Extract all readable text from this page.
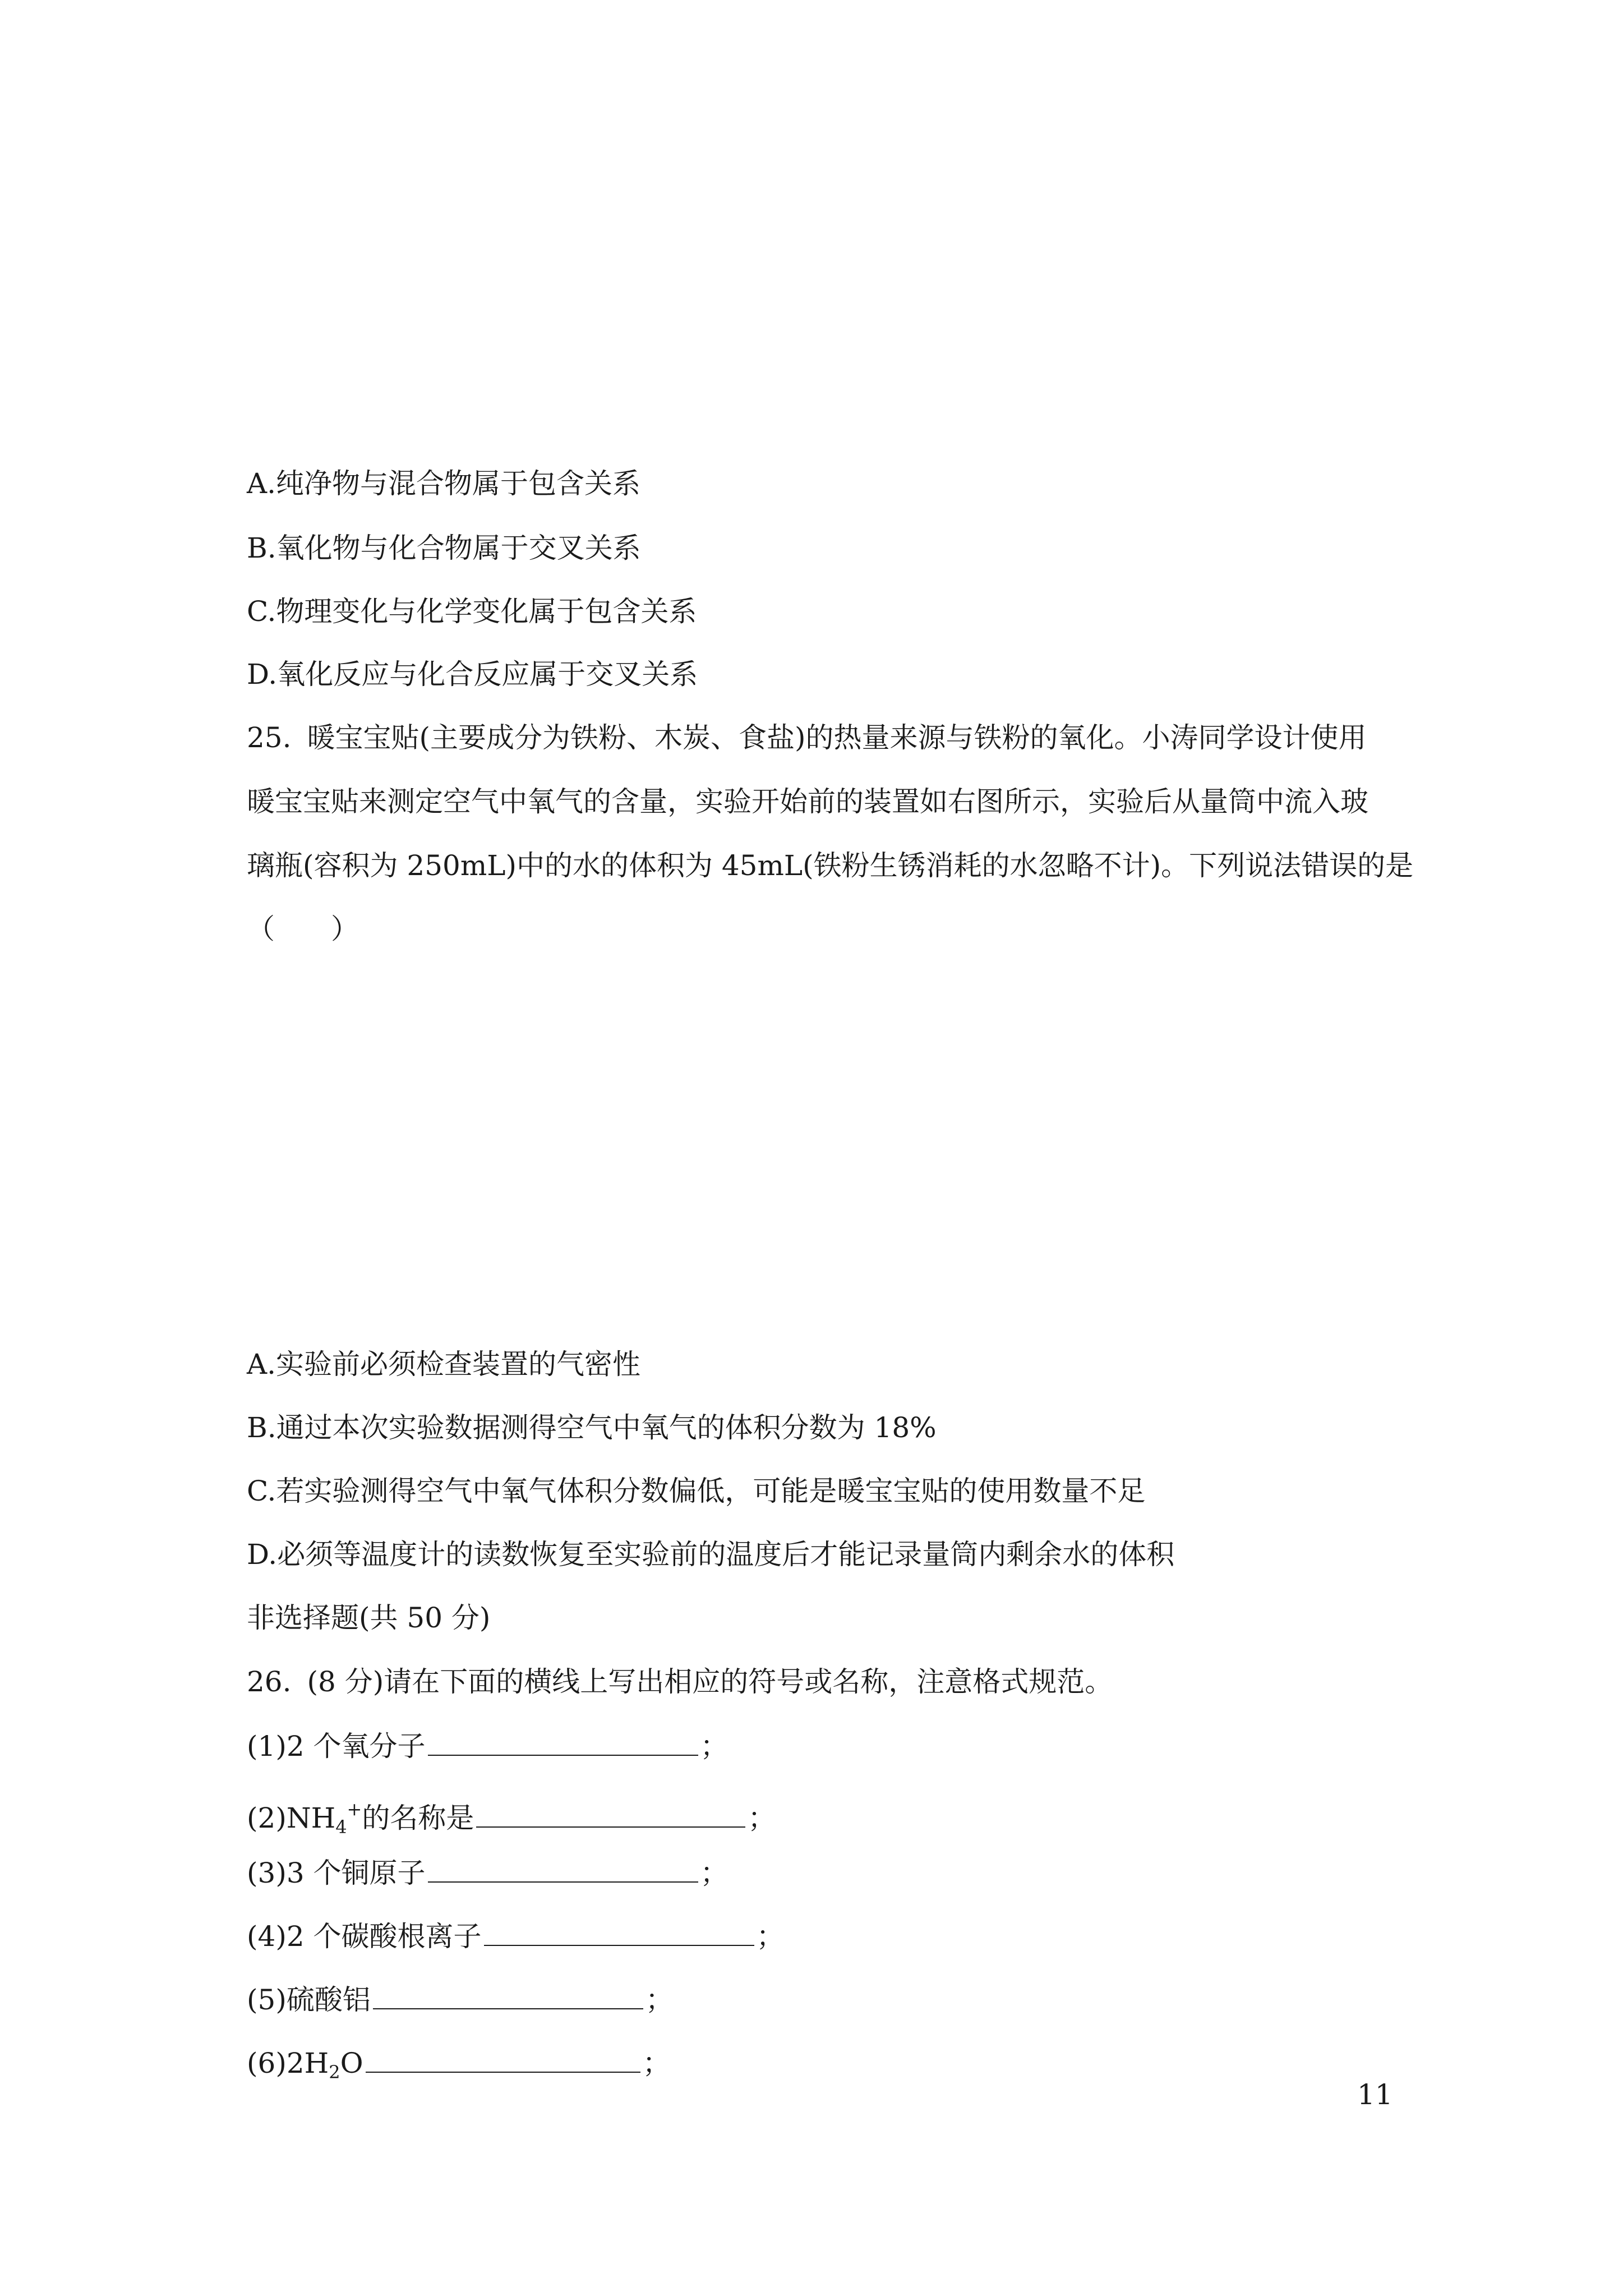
A.纯净物与混合物属于包含关系
B.氧化物与化合物属于交叉关系
C.物理变化与化学变化属于包含关系
D.氧化反应与化合反应属于交叉关系
25. 暖宝宝贴(主要成分为铁粉、木炭、食盐)的热量来源与铁粉的氧化。小涛同学设计使用
暖宝宝贴来测定空气中氧气的含量，实验开始前的装置如右图所示，实验后从量筒中流入玻
璃瓶(容积为 250mL)中的水的体积为 45mL(铁粉生锈消耗的水忽略不计)。下列说法错误的是
（　　）
A.实验前必须检查装置的气密性
B.通过本次实验数据测得空气中氧气的体积分数为 18%
C.若实验测得空气中氧气体积分数偏低，可能是暖宝宝贴的使用数量不足
D.必须等温度计的读数恢复至实验前的温度后才能记录量筒内剩余水的体积
非选择题(共 50 分)
26. (8 分)请在下面的横线上写出相应的符号或名称，注意格式规范。
(1)2 个氧分子	；
$(2)NH_4^+$的名称是	；
(3)3 个铜原子	；
(4)2 个碳酸根离子	；
(5)硫酸铝	；
$(6)2H_2O$	；
11
